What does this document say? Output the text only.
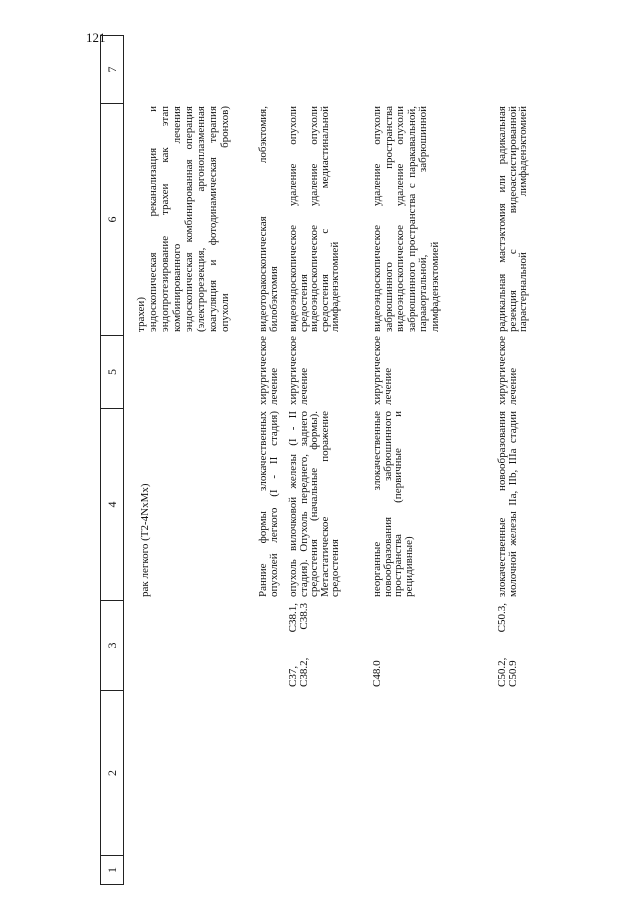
121
1
2
3
4
5
6
7
рак легкого (T2-4NxMx)

трахеи) эндоскопическая реканализация и эндопротезирование трахеи как этап комбинированного лечения эндоскопическая комбинированная операция (электрорезекция, аргоноплазменная коагуляция и фотодинамическая терапия опухоли бронхов)

Ранние формы злокачественных опухолей легкого (I - II стадия)
хирургическое лечение

видеоторакоскопическая лобэктомия, билобэктомия

C37, C38.1, C38.2, C38.3
опухоль вилочковой железы (I - II стадия). Опухоль переднего, заднего средостения (начальные формы). Метастатическое поражение средостения
хирургическое лечение

видеоэндоскопическое удаление опухоли средостения

видеоэндоскопическое удаление опухоли средостения с медиастинальной лимфаденэктомией

C48.0
неорганные злокачественные новообразования забрюшинного пространства (первичные и рецидивные)
хирургическое лечение

видеоэндоскопическое удаление опухоли забрюшинного пространства видеоэндоскопическое удаление опухоли забрюшинного пространства с паракавальной, парааортальной, забрюшинной лимфаденэктомией

C50.2, C50.3, C50.9
злокачественные новообразования молочной железы IIa, IIb, IIIa стадии
хирургическое лечение

радикальная мастэктомия или радикальная резекция с видеоассистированной парастернальной лимфаденэктомией
